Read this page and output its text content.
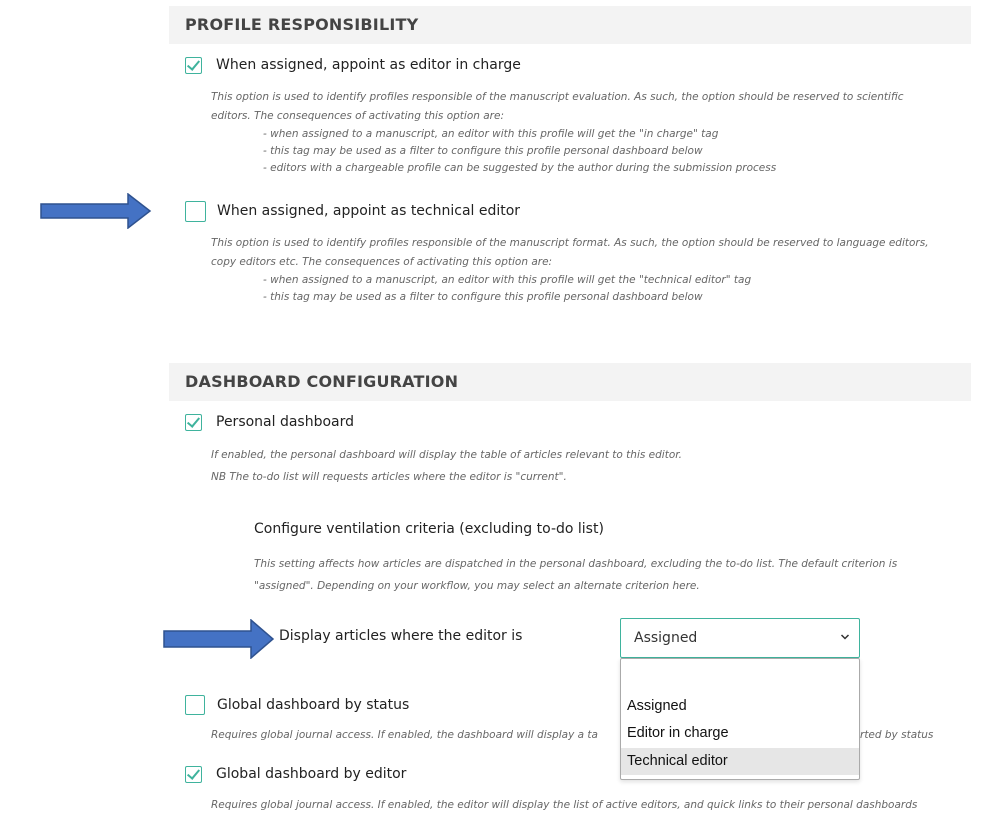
PROFILE RESPONSIBILITY
When assigned, appoint as editor in charge
This option is used to identify profiles responsible of the manuscript evaluation. As such, the option should be reserved to scientific
editors. The consequences of activating this option are:
- when assigned to a manuscript, an editor with this profile will get the "in charge" tag
- this tag may be used as a filter to configure this profile personal dashboard below
- editors with a chargeable profile can be suggested by the author during the submission process
When assigned, appoint as technical editor
This option is used to identify profiles responsible of the manuscript format. As such, the option should be reserved to language editors,
copy editors etc. The consequences of activating this option are:
- when assigned to a manuscript, an editor with this profile will get the "technical editor" tag
- this tag may be used as a filter to configure this profile personal dashboard below
DASHBOARD CONFIGURATION
Personal dashboard
If enabled, the personal dashboard will display the table of articles relevant to this editor.
NB The to-do list will requests articles where the editor is "current".
Configure ventilation criteria (excluding to-do list)
This setting affects how articles are dispatched in the personal dashboard, excluding the to-do list. The default criterion is
"assigned". Depending on your workflow, you may select an alternate criterion here.
Display articles where the editor is	Assigned
Global dashboard by status
Requires global journal access. If enabled, the dashboard will display a ta	rted by status
Global dashboard by editor
Requires global journal access. If enabled, the editor will display the list of active editors, and quick links to their personal dashboards
Assigned
Editor in charge
Technical editor
